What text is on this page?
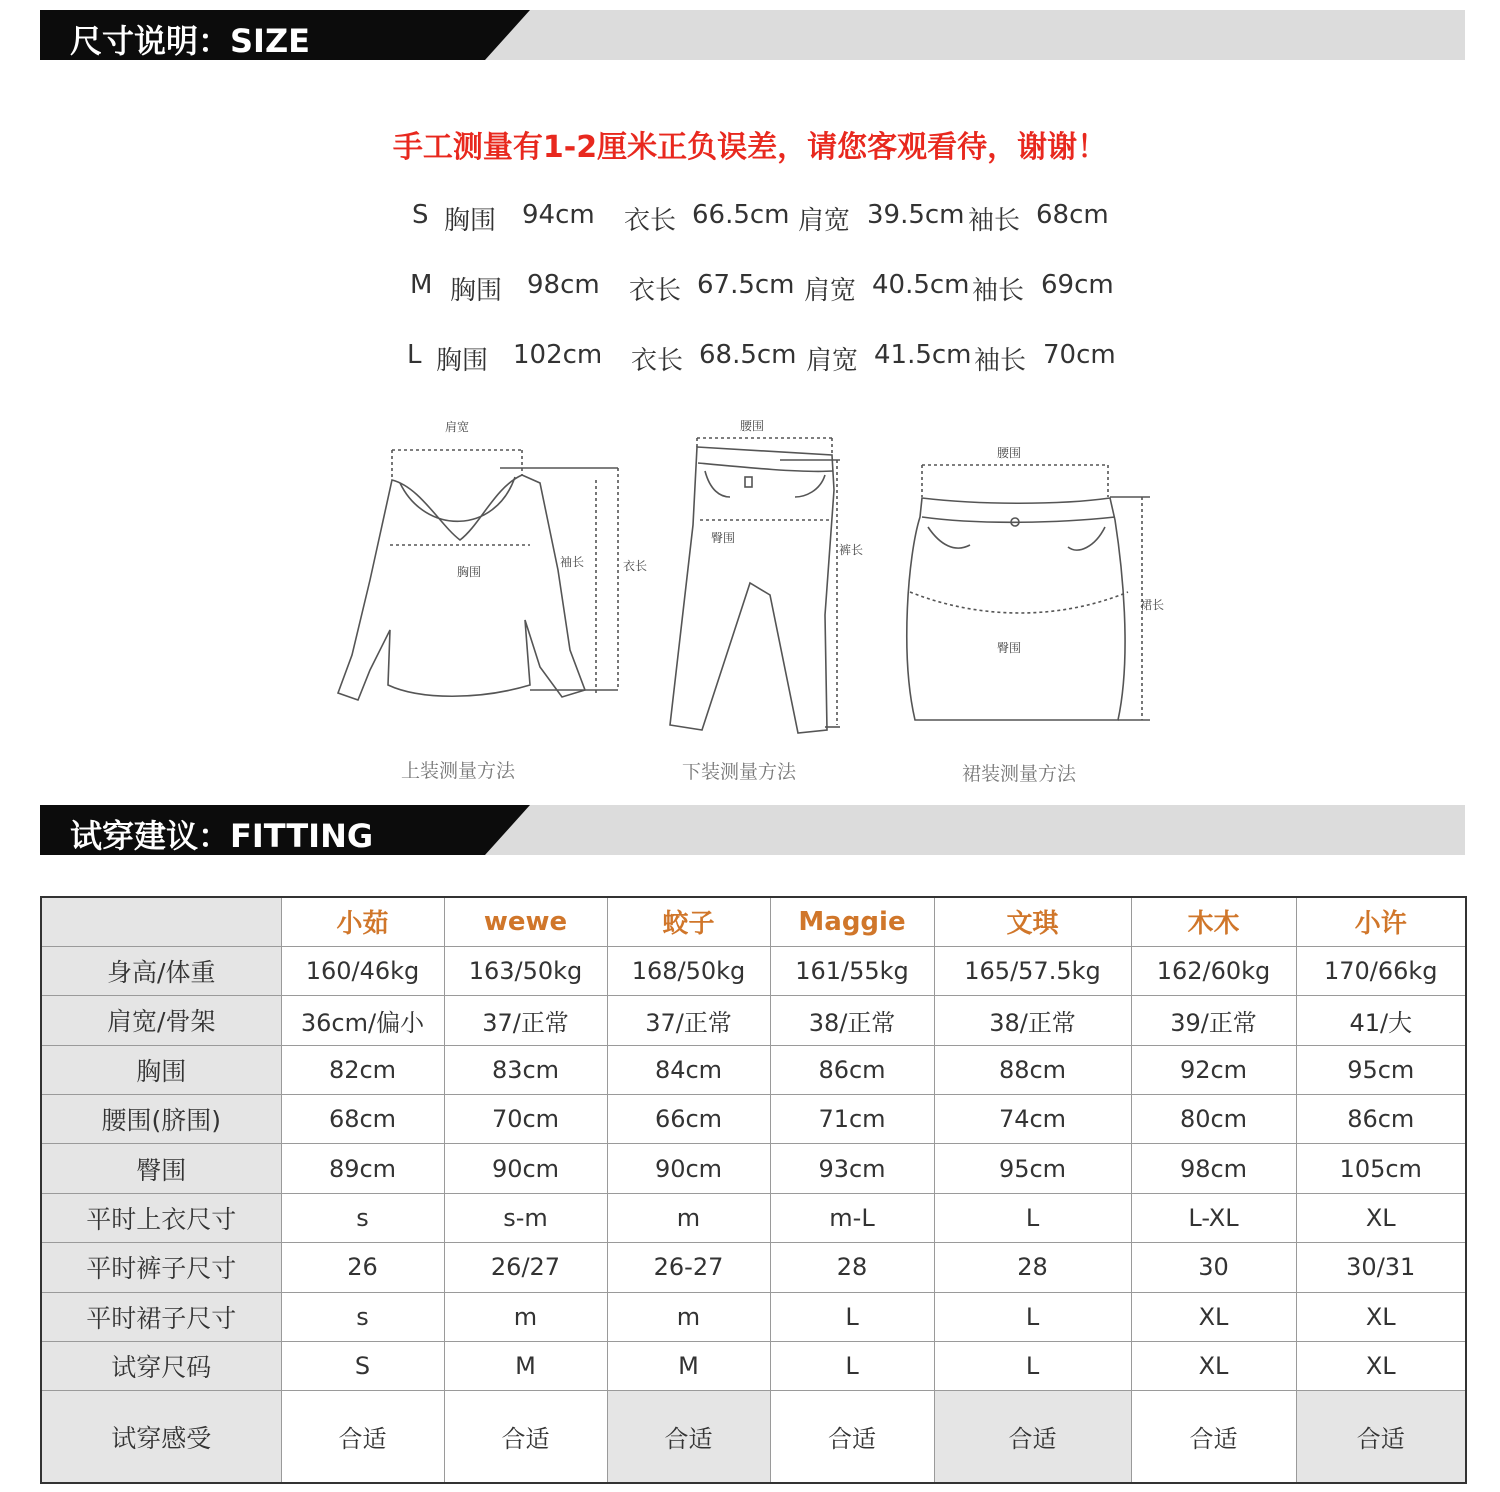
尺寸说明：SIZE
手工测量有1-2厘米正负误差，请您客观看待，谢谢！
S 胸围 94cm 衣长 66.5cm 肩宽 39.5cm 袖长 68cm
M 胸围 98cm 衣长 67.5cm 肩宽 40.5cm 袖长 69cm
L 胸围 102cm 衣长 68.5cm 肩宽 41.5cm 袖长 70cm
肩宽
胸围
袖长	衣长
腰围
臀围
裤长
腰围
臀围
裙长
上装测量方法	下装测量方法	裙装测量方法
试穿建议：FITTING
	小茹	wewe	蛟子	Maggie	文琪	木木	小许
身高/体重	160/46kg	163/50kg	168/50kg	161/55kg	165/57.5kg	162/60kg	170/66kg
肩宽/骨架	36cm/偏小	37/正常	37/正常	38/正常	38/正常	39/正常	41/大
胸围	82cm	83cm	84cm	86cm	88cm	92cm	95cm
腰围(脐围)	68cm	70cm	66cm	71cm	74cm	80cm	86cm
臀围	89cm	90cm	90cm	93cm	95cm	98cm	105cm
平时上衣尺寸	s	s-m	m	m-L	L	L-XL	XL
平时裤子尺寸	26	26/27	26-27	28	28	30	30/31
平时裙子尺寸	s	m	m	L	L	XL	XL
试穿尺码	S	M	M	L	L	XL	XL
试穿感受	合适	合适	合适	合适	合适	合适	合适
